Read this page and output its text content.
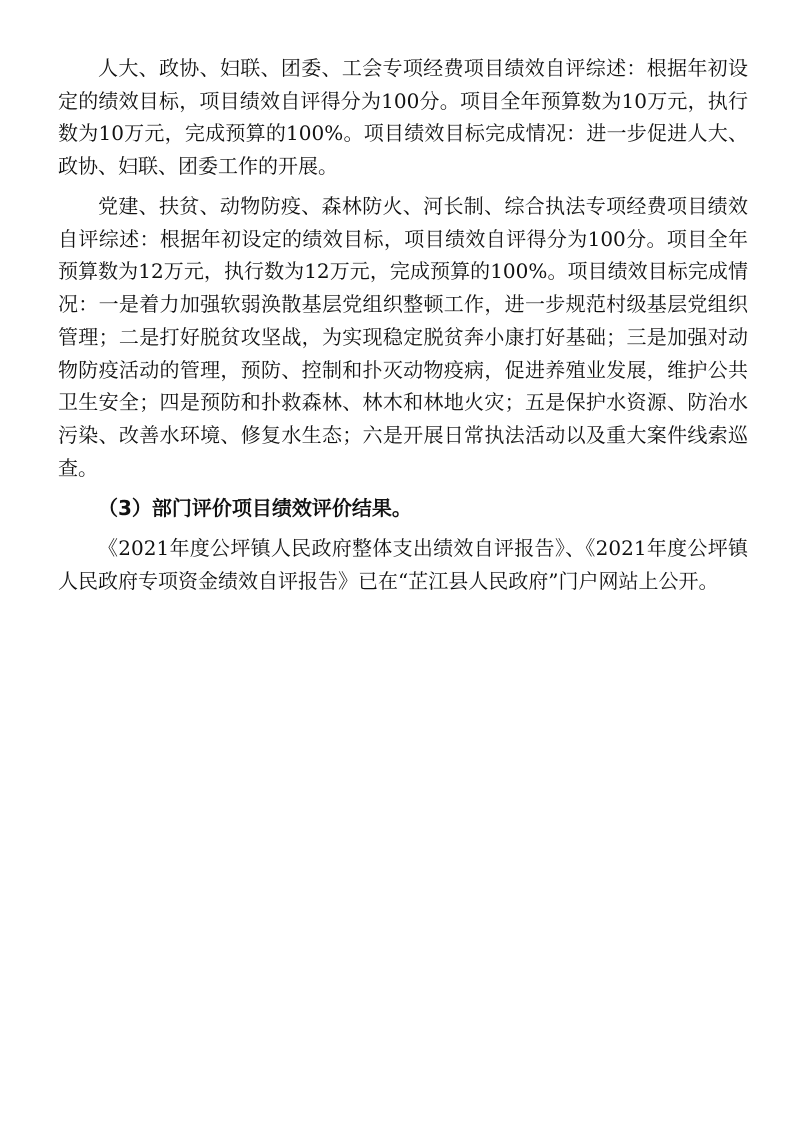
人大、政协、妇联、团委、工会专项经费项目绩效自评综述：根据年初设定的绩效目标，项目绩效自评得分为100分。项目全年预算数为10万元，执行数为10万元，完成预算的100%。项目绩效目标完成情况：进一步促进人大、政协、妇联、团委工作的开展。

党建、扶贫、动物防疫、森林防火、河长制、综合执法专项经费项目绩效自评综述：根据年初设定的绩效目标，项目绩效自评得分为100分。项目全年预算数为12万元，执行数为12万元，完成预算的100%。项目绩效目标完成情况：一是着力加强软弱涣散基层党组织整顿工作，进一步规范村级基层党组织管理；二是打好脱贫攻坚战，为实现稳定脱贫奔小康打好基础；三是加强对动物防疫活动的管理，预防、控制和扑灭动物疫病，促进养殖业发展，维护公共卫生安全；四是预防和扑救森林、林木和林地火灾；五是保护水资源、防治水污染、改善水环境、修复水生态；六是开展日常执法活动以及重大案件线索巡查。

（3）部门评价项目绩效评价结果。

《2021年度公坪镇人民政府整体支出绩效自评报告》、《2021年度公坪镇人民政府专项资金绩效自评报告》已在“芷江县人民政府”门户网站上公开。
